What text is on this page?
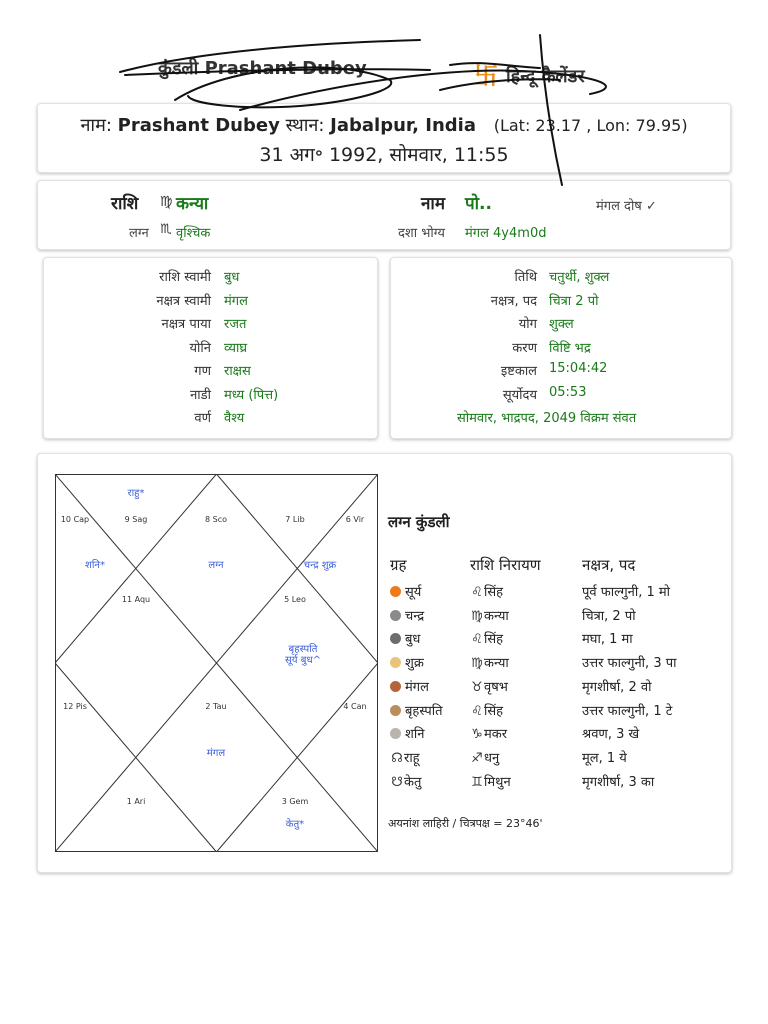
कुंडली Prashant Dubey	卐 हिन्दू कैलेंडर
नाम: Prashant Dubey स्थान: Jabalpur, India (Lat: 23.17 , Lon: 79.95)
31 अग॰ 1992, सोमवार, 11:55
राशि ♍ कन्या	नाम पो..	मंगल दोष ✓
लग्न ♏ वृश्चिक	दशा भोग्य मंगल 4y4m0d
राशि स्वामी बुध
नक्षत्र स्वामी मंगल
नक्षत्र पाया रजत
योनि व्याघ्र
गण राक्षस
नाडी मध्य (पित्त)
वर्ण वैश्य
तिथि चतुर्थी, शुक्ल
नक्षत्र, पद चित्रा 2 पो
योग शुक्ल
करण विष्टि भद्र
इष्टकाल 15:04:42
सूर्योदय 05:53
सोमवार, भाद्रपद, 2049 विक्रम संवत
10 Cap	9 Sag	8 Sco	7 Lib	6 Vir
11 Aqu	5 Leo
12 Pis	2 Tau	4 Can
1 Ari	3 Gem
राहु*
शनि*	लग्न	चन्द्र शुक्र
बृहस्पति
सूर्य बुध^
मंगल
केतु*
लग्न कुंडली
ग्रह	राशि निरायण	नक्षत्र, पद
सूर्य	♌सिंह	पूर्व फाल्गुनी, 1 मो
चन्द्र	♍कन्या	चित्रा, 2 पो
बुध	♌सिंह	मघा, 1 मा
शुक्र	♍कन्या	उत्तर फाल्गुनी, 3 पा
मंगल	♉वृषभ	मृगशीर्षा, 2 वो
बृहस्पति ♌सिंह	उत्तर फाल्गुनी, 1 टे
शनि	♑मकर	श्रवण, 3 खे
☊राहू	♐धनु	मूल, 1 ये
☋केतु	♊मिथुन	मृगशीर्षा, 3 का
अयनांश लाहिरी / चित्रपक्ष = 23°46'
